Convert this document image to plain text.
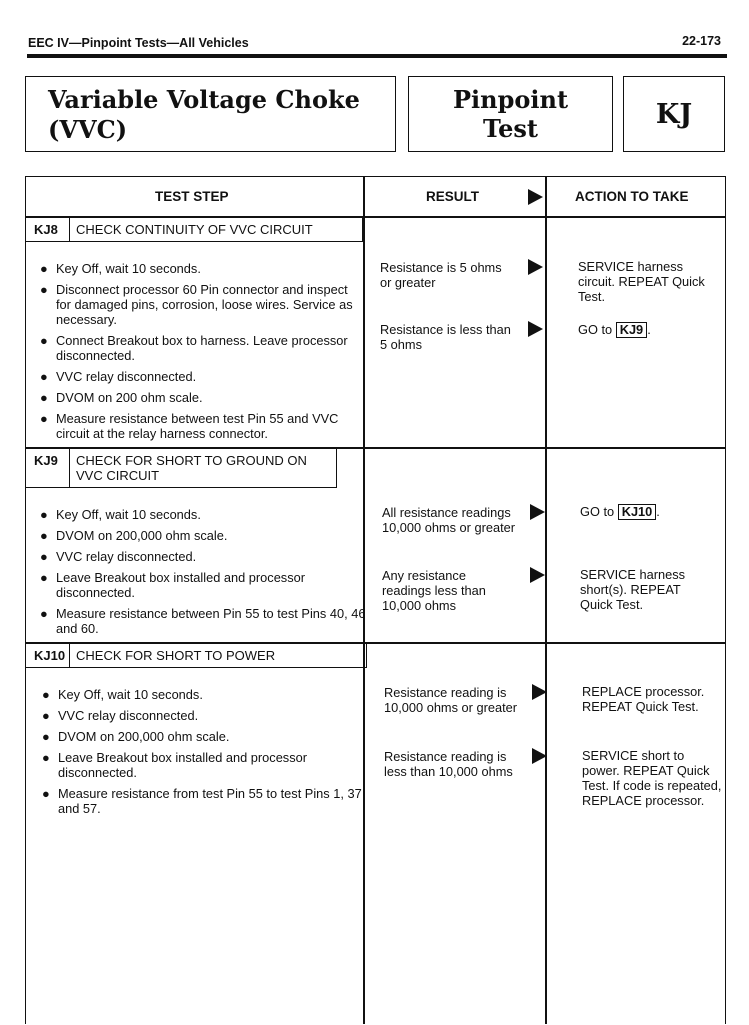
EEC IV—Pinpoint Tests—All Vehicles	22-173
Variable Voltage Choke
(VVC)
Pinpoint
Test	KJ
TEST STEP	RESULT	ACTION TO TAKE
KJ8	CHECK CONTINUITY OF VVC CIRCUIT
● Key Off, wait 10 seconds.
● Disconnect processor 60 Pin connector and inspect for damaged pins, corrosion, loose wires. Service as necessary.
● Connect Breakout box to harness. Leave processor disconnected.
● VVC relay disconnected.
● DVOM on 200 ohm scale.
● Measure resistance between test Pin 55 and VVC circuit at the relay harness connector.
Resistance is 5 ohms or greater
SERVICE harness circuit. REPEAT Quick Test.
Resistance is less than 5 ohms
GO to KJ9 .
KJ9	CHECK FOR SHORT TO GROUND ON
VVC CIRCUIT
● Key Off, wait 10 seconds.
● DVOM on 200,000 ohm scale.
● VVC relay disconnected.
● Leave Breakout box installed and processor disconnected.
● Measure resistance between Pin 55 to test Pins 40, 46 and 60.
All resistance readings 10,000 ohms or greater
GO to KJ10 .
Any resistance readings less than 10,000 ohms
SERVICE harness short(s). REPEAT Quick Test.
KJ10 CHECK FOR SHORT TO POWER
● Key Off, wait 10 seconds.
● VVC relay disconnected.
● DVOM on 200,000 ohm scale.
● Leave Breakout box installed and processor disconnected.
● Measure resistance from test Pin 55 to test Pins 1, 37 and 57.
Resistance reading is 10,000 ohms or greater
REPLACE processor. REPEAT Quick Test.
Resistance reading is less than 10,000 ohms
SERVICE short to power. REPEAT Quick Test. If code is repeated, REPLACE processor.
